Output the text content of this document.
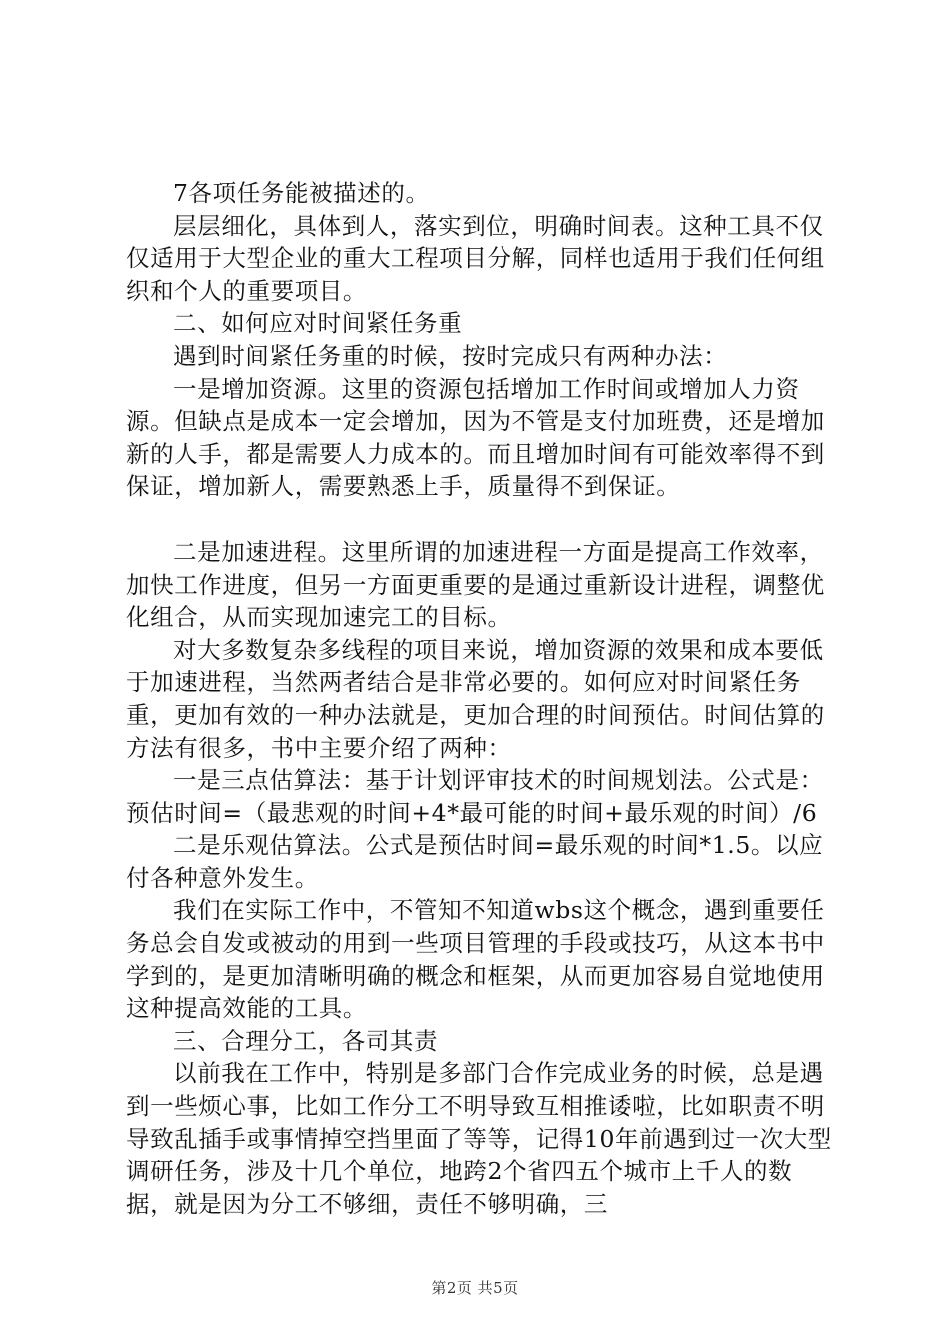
7各项任务能被描述的。

层层细化，具体到人，落实到位，明确时间表。这种工具不仅仅适用于大型企业的重大工程项目分解，同样也适用于我们任何组织和个人的重要项目。

二、如何应对时间紧任务重

遇到时间紧任务重的时候，按时完成只有两种办法：

一是增加资源。这里的资源包括增加工作时间或增加人力资源。但缺点是成本一定会增加，因为不管是支付加班费，还是增加新的人手，都是需要人力成本的。而且增加时间有可能效率得不到保证，增加新人，需要熟悉上手，质量得不到保证。

二是加速进程。这里所谓的加速进程一方面是提高工作效率，加快工作进度，但另一方面更重要的是通过重新设计进程，调整优化组合，从而实现加速完工的目标。

对大多数复杂多线程的项目来说，增加资源的效果和成本要低于加速进程，当然两者结合是非常必要的。如何应对时间紧任务重，更加有效的一种办法就是，更加合理的时间预估。时间估算的方法有很多，书中主要介绍了两种：

一是三点估算法：基于计划评审技术的时间规划法。公式是：预估时间=（最悲观的时间+4*最可能的时间+最乐观的时间）/6

二是乐观估算法。公式是预估时间=最乐观的时间*1.5。以应付各种意外发生。

我们在实际工作中，不管知不知道wbs这个概念，遇到重要任务总会自发或被动的用到一些项目管理的手段或技巧，从这本书中学到的，是更加清晰明确的概念和框架，从而更加容易自觉地使用这种提高效能的工具。

三、合理分工，各司其责

以前我在工作中，特别是多部门合作完成业务的时候，总是遇到一些烦心事，比如工作分工不明导致互相推诿啦，比如职责不明导致乱插手或事情掉空挡里面了等等，记得10年前遇到过一次大型调研任务，涉及十几个单位，地跨2个省四五个城市上千人的数据，就是因为分工不够细，责任不够明确，三

第2页 共5页
